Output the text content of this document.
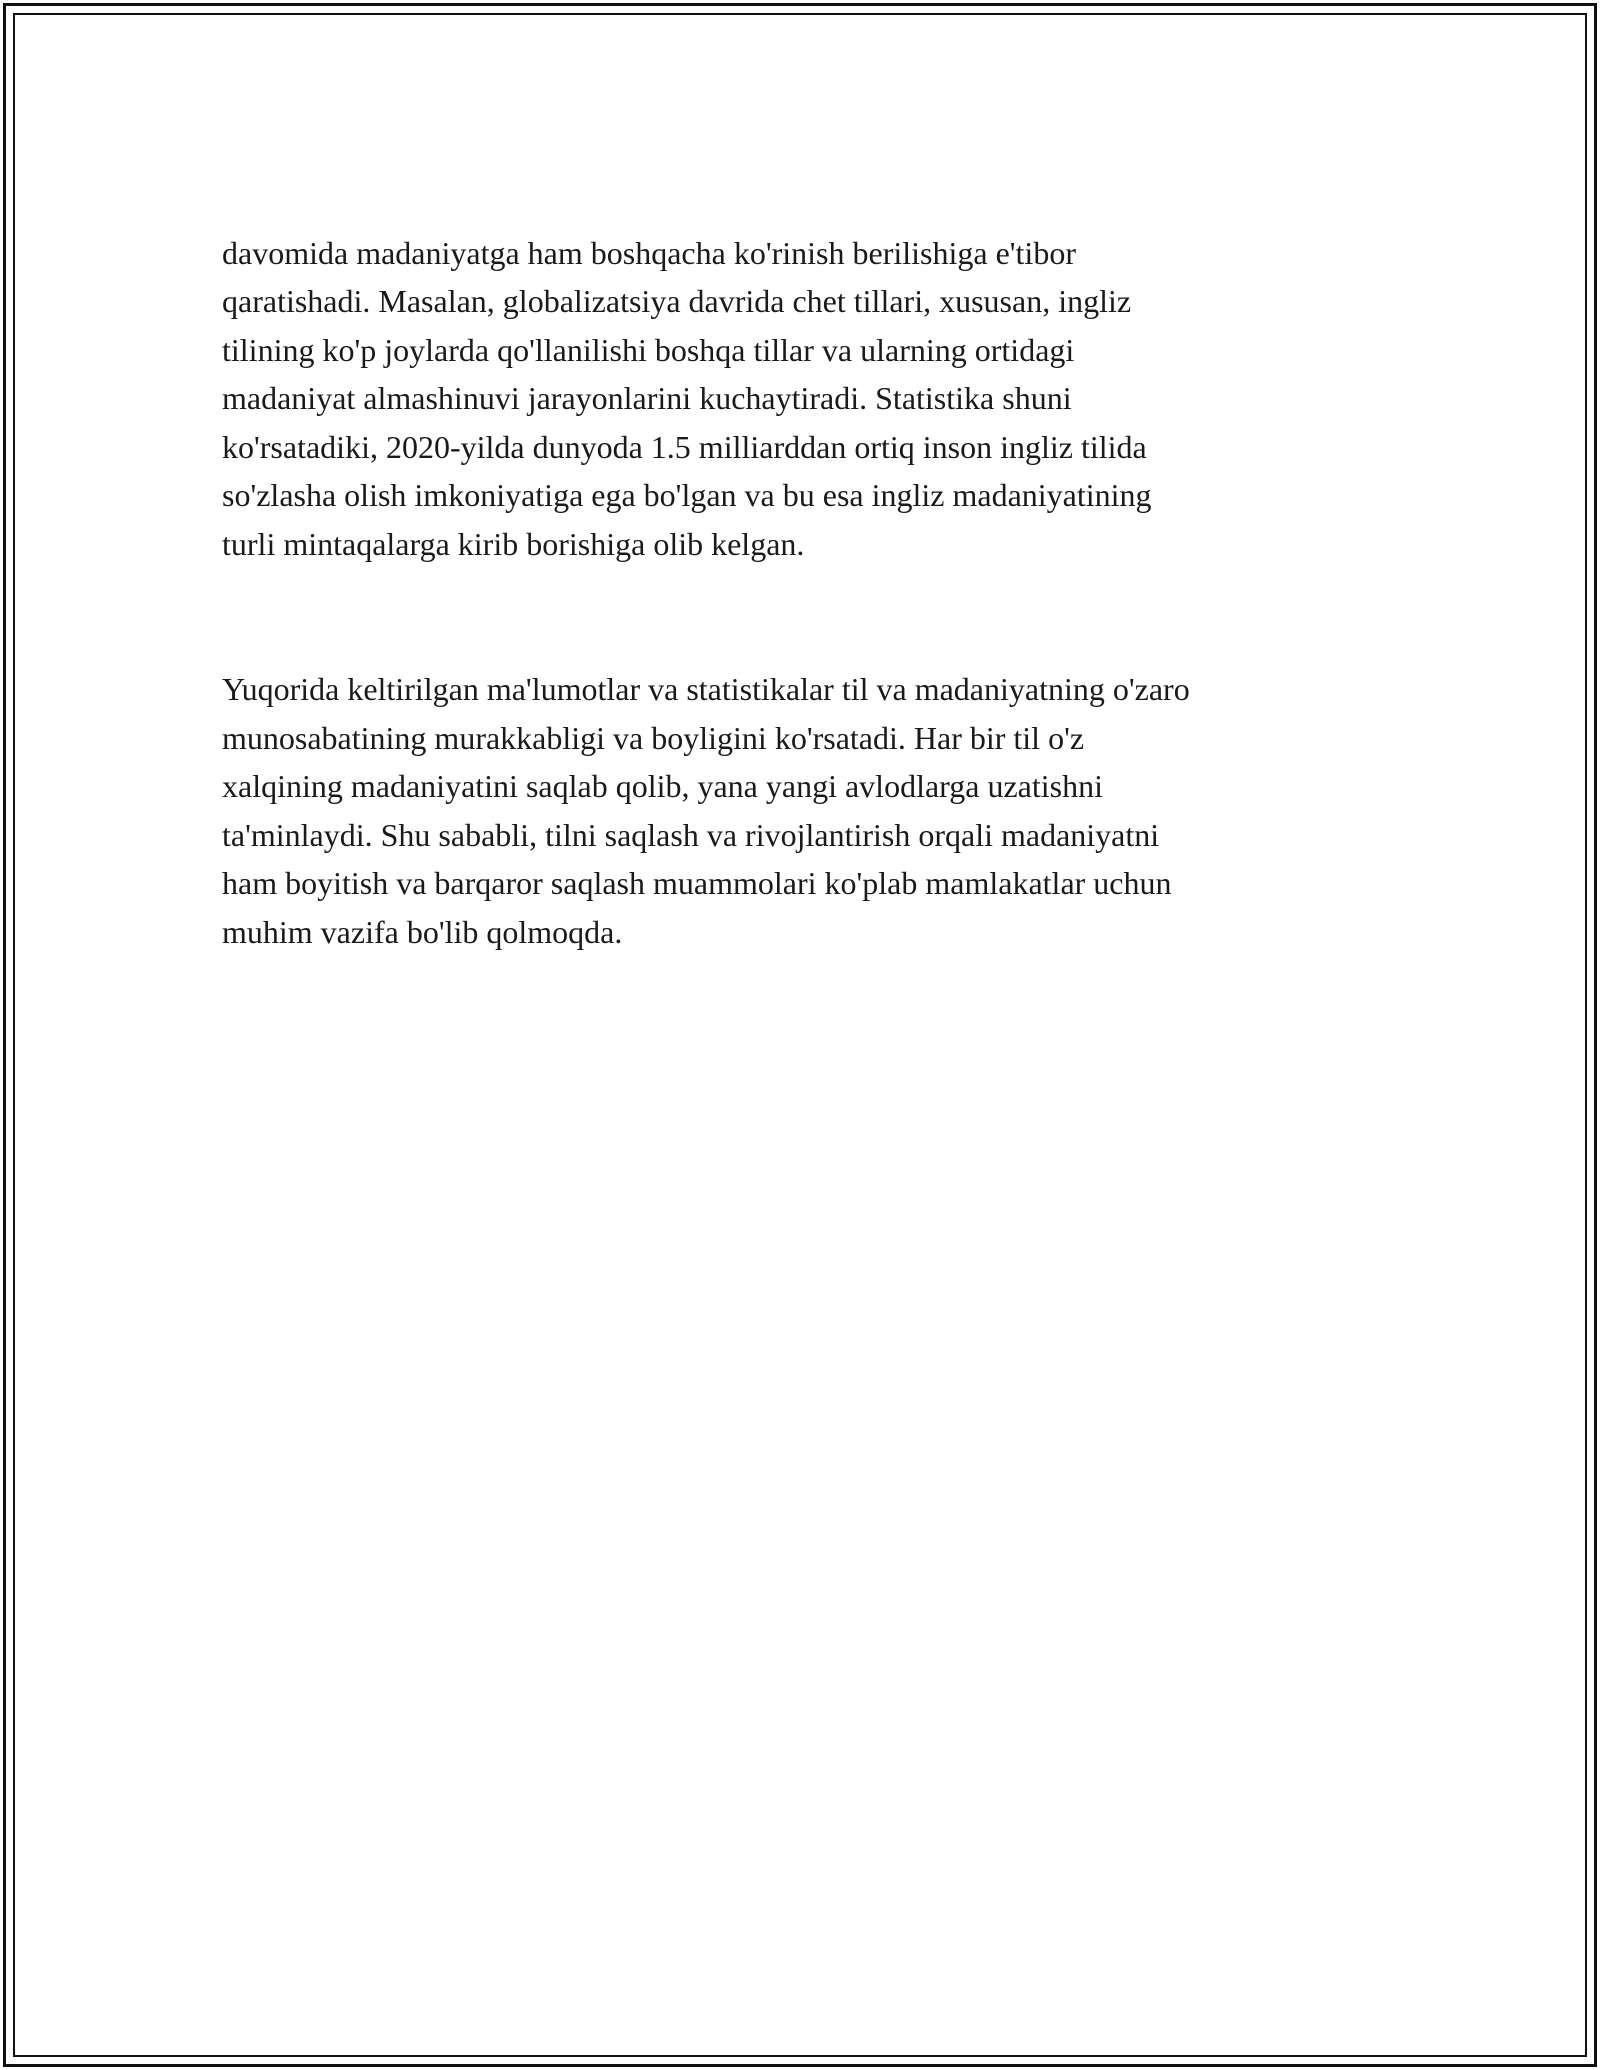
davomida madaniyatga ham boshqacha ko'rinish berilishiga e'tibor
qaratishadi. Masalan, globalizatsiya davrida chet tillari, xususan, ingliz
tilining ko'p joylarda qo'llanilishi boshqa tillar va ularning ortidagi
madaniyat almashinuvi jarayonlarini kuchaytiradi. Statistika shuni
ko'rsatadiki, 2020-yilda dunyoda 1.5 milliarddan ortiq inson ingliz tilida
so'zlasha olish imkoniyatiga ega bo'lgan va bu esa ingliz madaniyatining
turli mintaqalarga kirib borishiga olib kelgan.

Yuqorida keltirilgan ma'lumotlar va statistikalar til va madaniyatning o'zaro
munosabatining murakkabligi va boyligini ko'rsatadi. Har bir til o'z
xalqining madaniyatini saqlab qolib, yana yangi avlodlarga uzatishni
ta'minlaydi. Shu sababli, tilni saqlash va rivojlantirish orqali madaniyatni
ham boyitish va barqaror saqlash muammolari ko'plab mamlakatlar uchun
muhim vazifa bo'lib qolmoqda.
